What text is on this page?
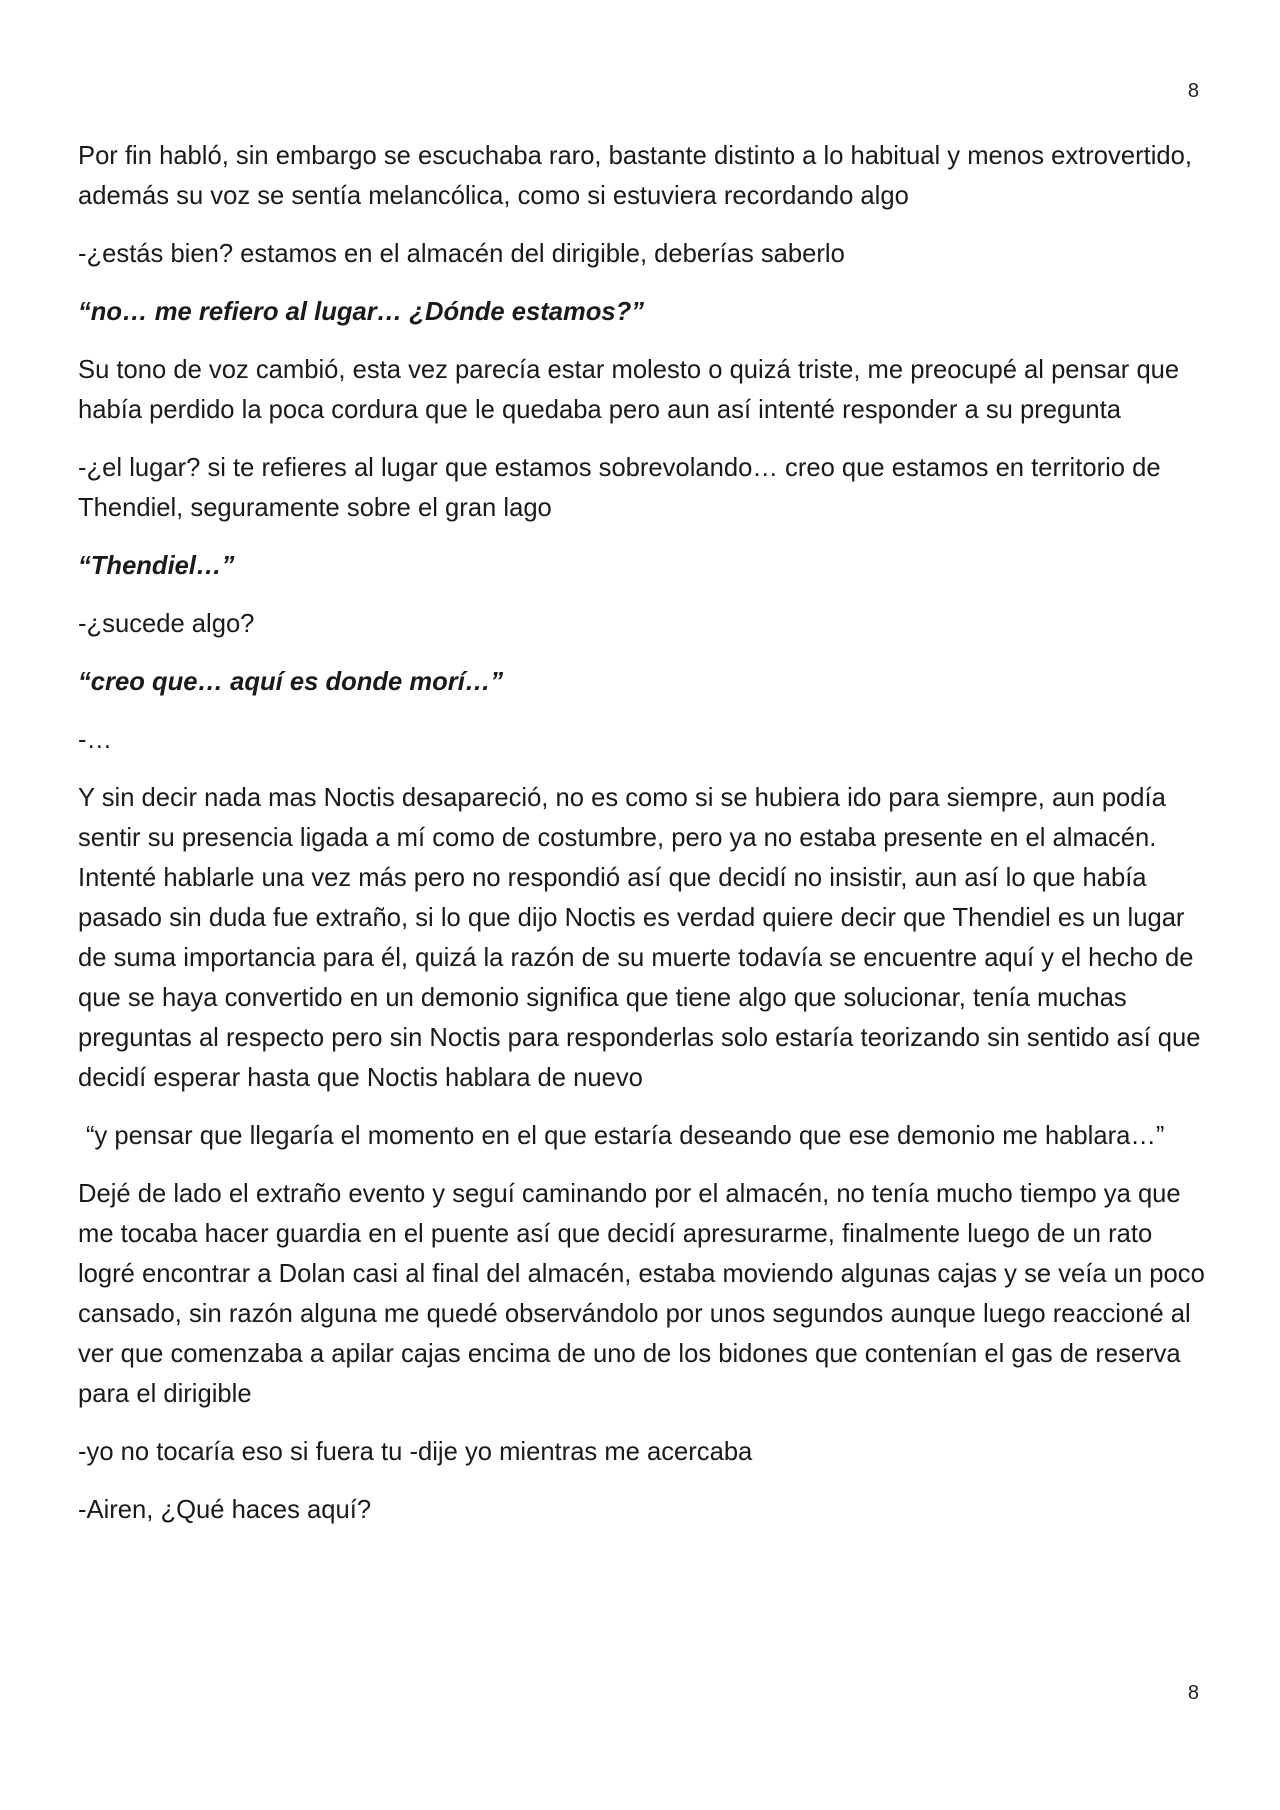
8

Por fin habló, sin embargo se escuchaba raro, bastante distinto a lo habitual y menos extrovertido, además su voz se sentía melancólica, como si estuviera recordando algo

-¿estás bien? estamos en el almacén del dirigible, deberías saberlo

“no… me refiero al lugar… ¿Dónde estamos?”

Su tono de voz cambió, esta vez parecía estar molesto o quizá triste, me preocupé al pensar que había perdido la poca cordura que le quedaba pero aun así intenté responder a su pregunta

-¿el lugar? si te refieres al lugar que estamos sobrevolando… creo que estamos en territorio de Thendiel, seguramente sobre el gran lago

“Thendiel…”

-¿sucede algo?

“creo que… aquí es donde morí…”

-…

Y sin decir nada mas Noctis desapareció, no es como si se hubiera ido para siempre, aun podía sentir su presencia ligada a mí como de costumbre, pero ya no estaba presente en el almacén. Intenté hablarle una vez más pero no respondió así que decidí no insistir, aun así lo que había pasado sin duda fue extraño, si lo que dijo Noctis es verdad quiere decir que Thendiel es un lugar de suma importancia para él, quizá la razón de su muerte todavía se encuentre aquí y el hecho de que se haya convertido en un demonio significa que tiene algo que solucionar, tenía muchas preguntas al respecto pero sin Noctis para responderlas solo estaría teorizando sin sentido así que decidí esperar hasta que Noctis hablara de nuevo

“y pensar que llegaría el momento en el que estaría deseando que ese demonio me hablara…”

Dejé de lado el extraño evento y seguí caminando por el almacén, no tenía mucho tiempo ya que me tocaba hacer guardia en el puente así que decidí apresurarme, finalmente luego de un rato logré encontrar a Dolan casi al final del almacén, estaba moviendo algunas cajas y se veía un poco cansado, sin razón alguna me quedé observándolo por unos segundos aunque luego reaccioné al ver que comenzaba a apilar cajas encima de uno de los bidones que contenían el gas de reserva para el dirigible

-yo no tocaría eso si fuera tu -dije yo mientras me acercaba

-Airen, ¿Qué haces aquí?

8
